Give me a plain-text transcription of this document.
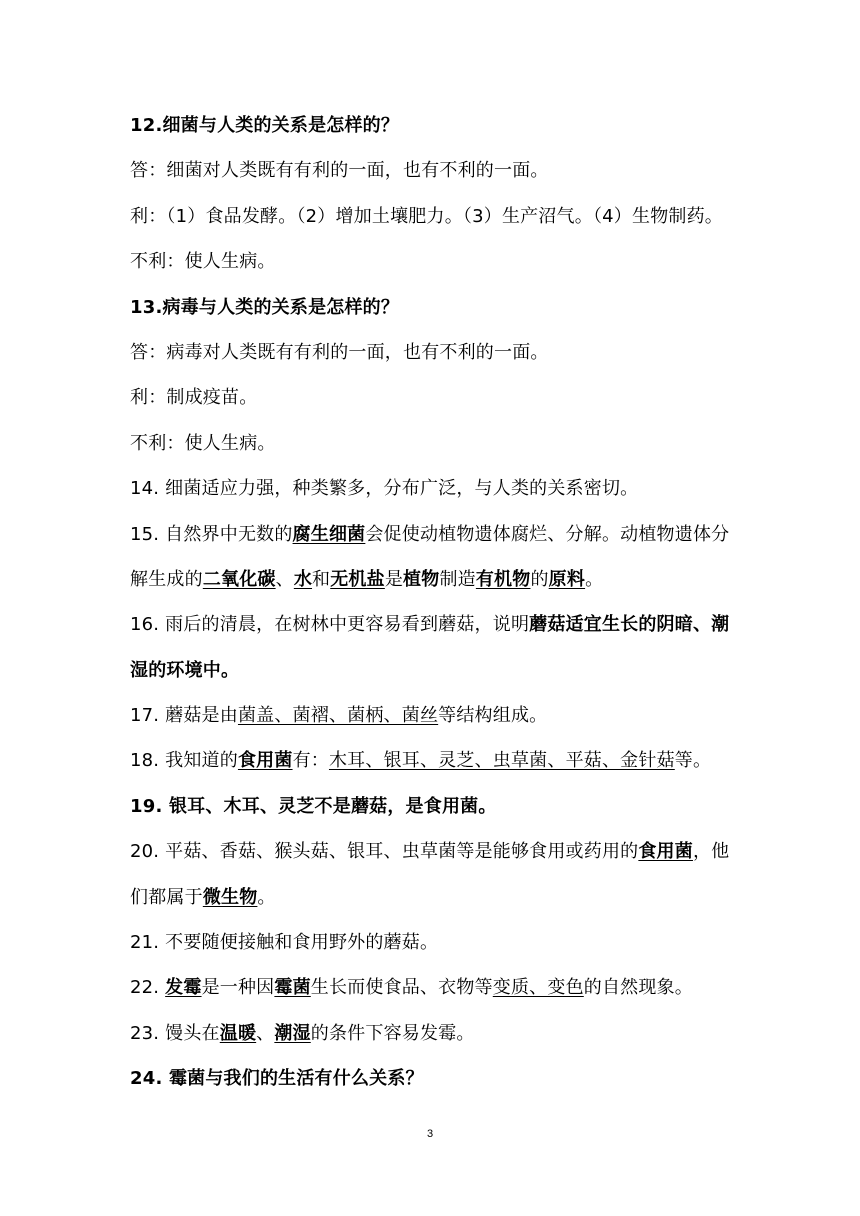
12.细菌与人类的关系是怎样的？
答：细菌对人类既有有利的一面，也有不利的一面。
利：（1）食品发酵。（2）增加土壤肥力。（3）生产沼气。（4）生物制药。
不利：使人生病。
13.病毒与人类的关系是怎样的？
答：病毒对人类既有有利的一面，也有不利的一面。
利：制成疫苗。
不利：使人生病。
14. 细菌适应力强，种类繁多，分布广泛，与人类的关系密切。
15. 自然界中无数的腐生细菌会促使动植物遗体腐烂、分解。动植物遗体分
解生成的二氧化碳、水和无机盐是植物制造有机物的原料。
16. 雨后的清晨，在树林中更容易看到蘑菇，说明蘑菇适宜生长的阴暗、潮
湿的环境中。
17. 蘑菇是由菌盖、菌褶、菌柄、菌丝等结构组成。
18. 我知道的食用菌有：木耳、银耳、灵芝、虫草菌、平菇、金针菇等。
19. 银耳、木耳、灵芝不是蘑菇，是食用菌。
20. 平菇、香菇、猴头菇、银耳、虫草菌等是能够食用或药用的食用菌，他
们都属于微生物。
21. 不要随便接触和食用野外的蘑菇。
22. 发霉是一种因霉菌生长而使食品、衣物等变质、变色的自然现象。
23. 馒头在温暖、潮湿的条件下容易发霉。
24. 霉菌与我们的生活有什么关系？
3
